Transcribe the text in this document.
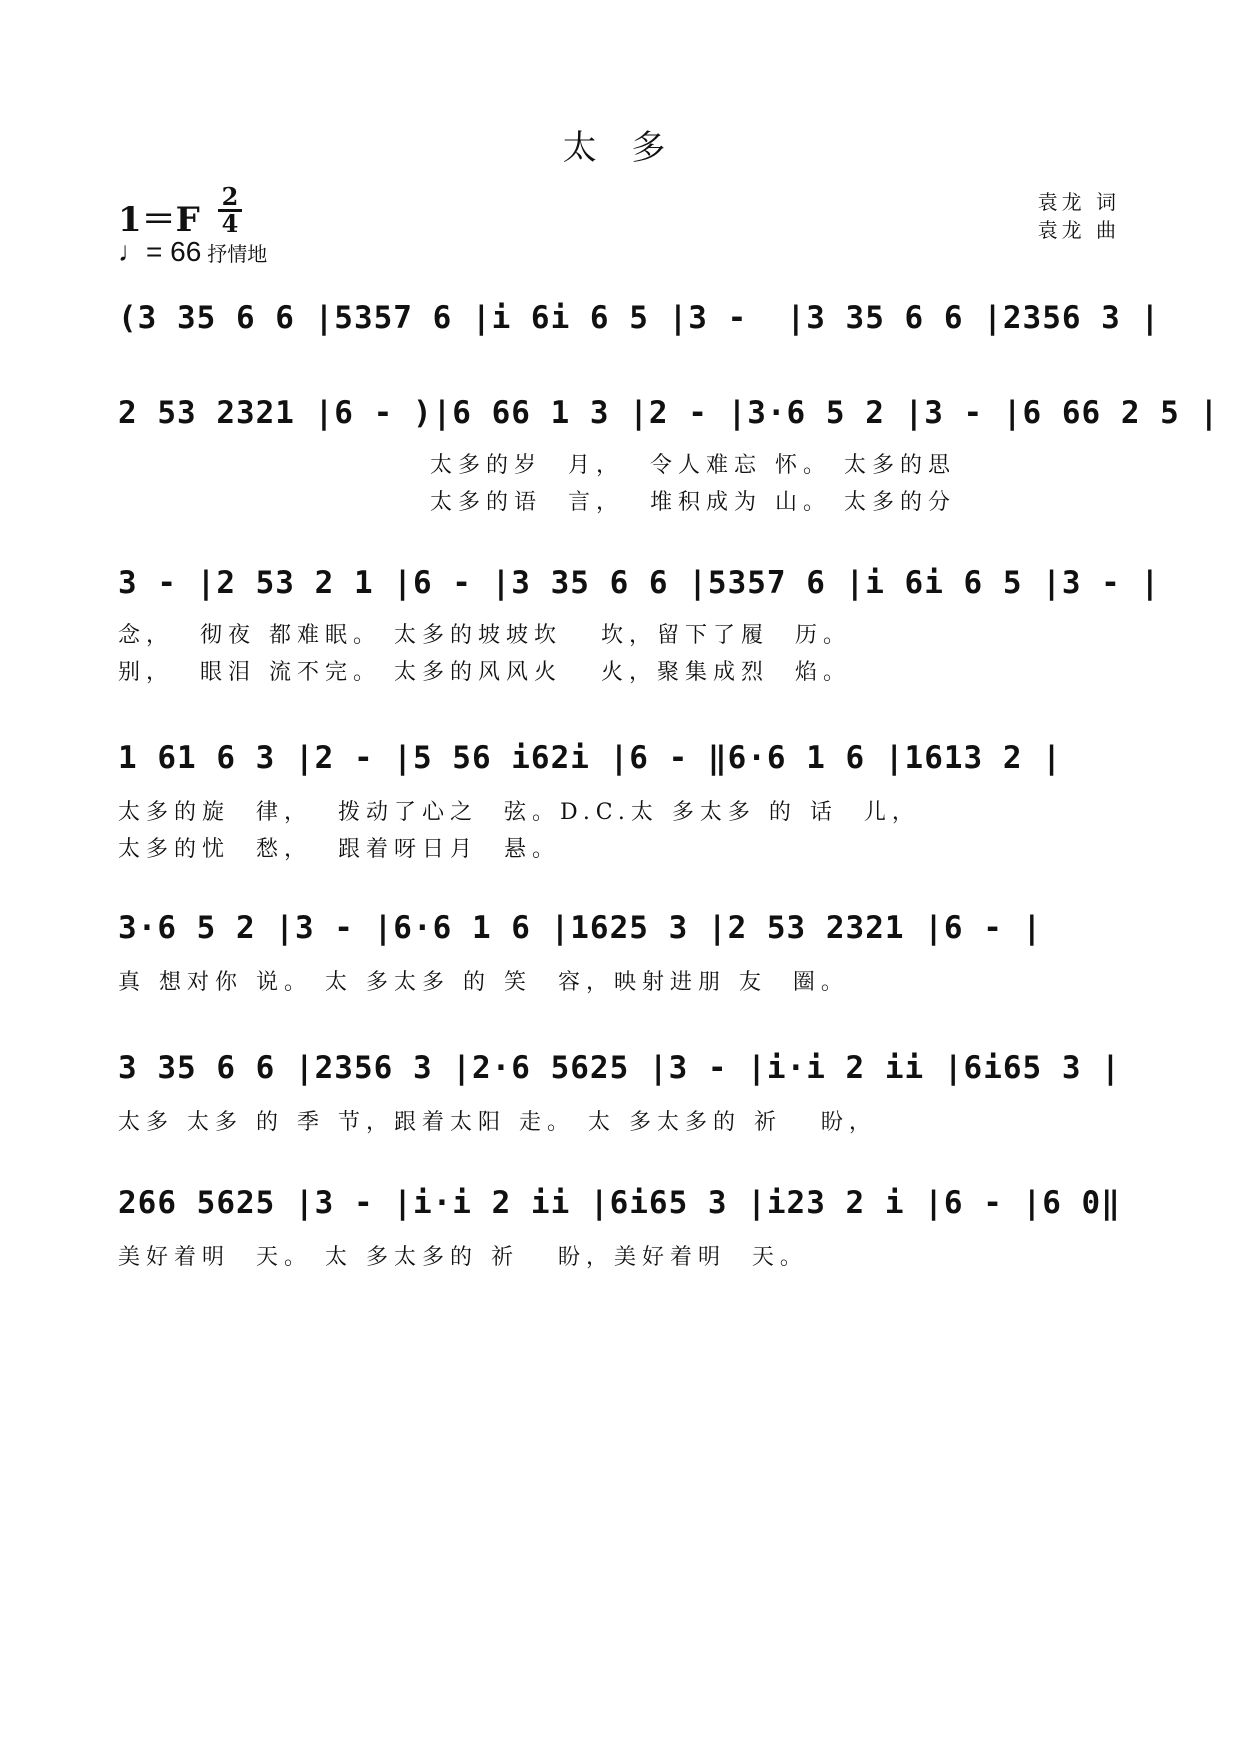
太 多
1＝F
2
4
♩= 66 抒情地
袁龙 词
袁龙 曲
(3 35 6 6 |5357 6 |i 6i 6 5 |3 -  |3 35 6 6 |2356 3 |
2 53 2321 |6 - )|6 66 1 3 |2 - |3·6 5 2 |3 - |6 66 2 5 |
太多的岁  月，  令人难忘 怀。 太多的思
太多的语  言，  堆积成为 山。 太多的分
3 - |2 53 2 1 |6 - |3 35 6 6 |5357 6 |i 6i 6 5 |3 - |
念，  彻夜 都难眠。 太多的坡坡坎   坎，留下了履  历。
别，  眼泪 流不完。 太多的风风火   火，聚集成烈  焰。
1 61 6 3 |2 - |5 56 i62i |6 - ‖6·6 1 6 |1613 2 |
太多的旋  律，  拨动了心之  弦。D.C.太 多太多 的 话  儿，
太多的忧  愁，  跟着呀日月  悬。
3·6 5 2 |3 - |6·6 1 6 |1625 3 |2 53 2321 |6 - |
真 想对你 说。 太 多太多 的 笑  容，映射进朋 友  圈。
3 35 6 6 |2356 3 |2·6 5625 |3 - |i·i 2 ii |6i65 3 |
太多 太多 的 季 节，跟着太阳 走。 太 多太多的 祈   盼，
266 5625 |3 - |i·i 2 ii |6i65 3 |i23 2 i |6 - |6 0‖
美好着明  天。 太 多太多的 祈   盼，美好着明  天。
